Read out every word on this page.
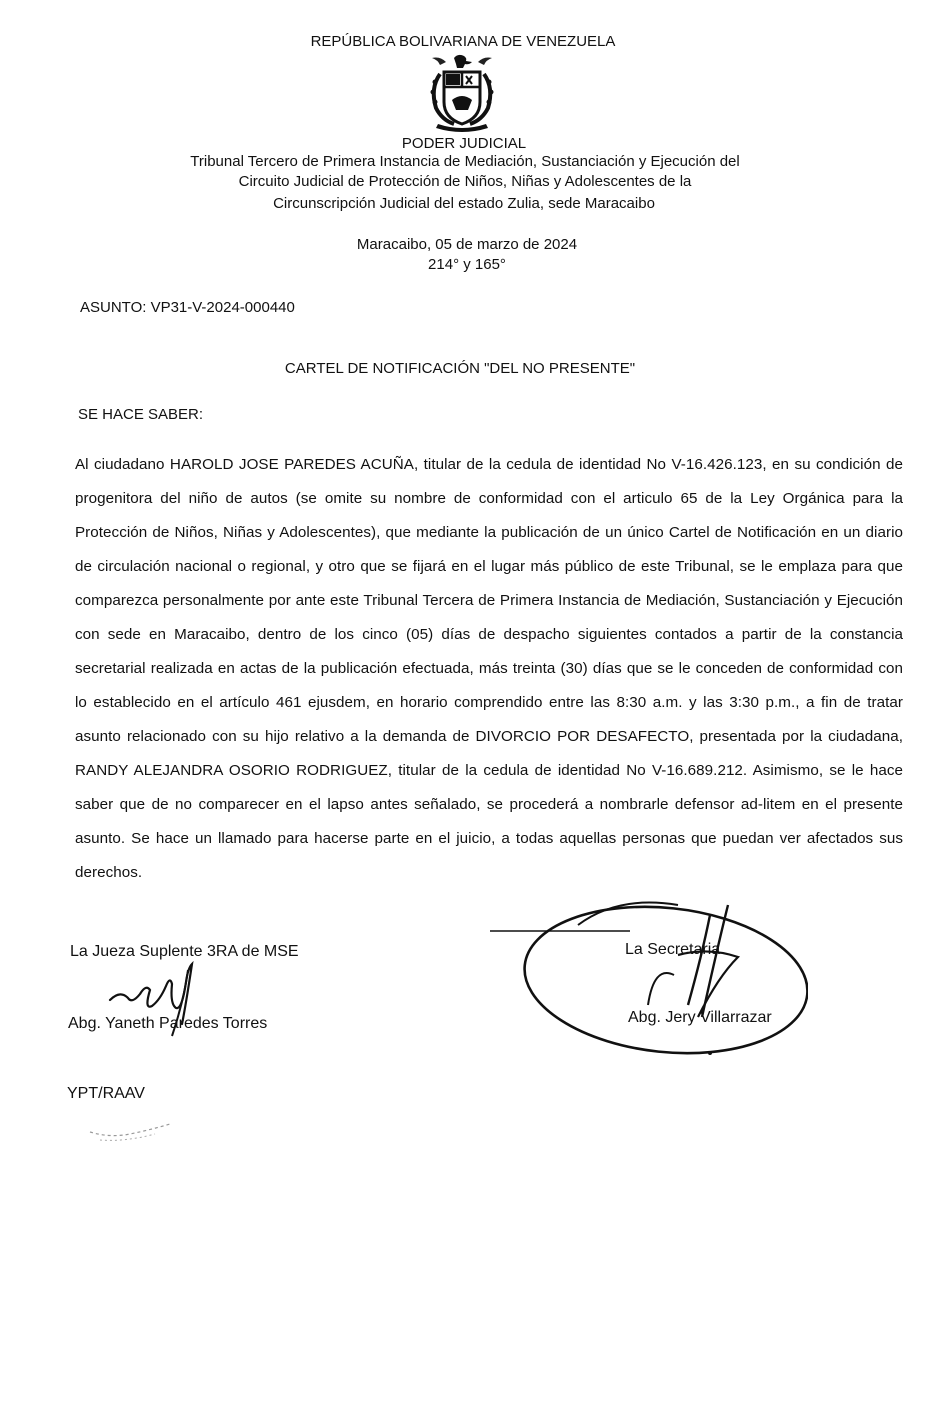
REPÚBLICA BOLIVARIANA DE VENEZUELA
PODER JUDICIAL
Tribunal Tercero de Primera Instancia de Mediación, Sustanciación y Ejecución del
Circuito Judicial de Protección de Niños, Niñas y Adolescentes de la
Circunscripción Judicial del estado Zulia, sede Maracaibo
Maracaibo, 05 de marzo de 2024
214° y 165°
ASUNTO: VP31-V-2024-000440
CARTEL DE NOTIFICACIÓN "DEL NO PRESENTE"
SE HACE SABER:
Al ciudadano HAROLD JOSE PAREDES ACUÑA, titular de la cedula de identidad No V-16.426.123, en su condición de progenitora del niño de autos (se omite su nombre de conformidad con el articulo 65 de la Ley Orgánica para la Protección de Niños, Niñas y Adolescentes), que mediante la publicación de un único Cartel de Notificación en un diario de circulación nacional o regional, y otro que se fijará en el lugar más público de este Tribunal, se le emplaza para que comparezca personalmente por ante este Tribunal Tercera de Primera Instancia de Mediación, Sustanciación y Ejecución con sede en Maracaibo, dentro de los cinco (05) días de despacho siguientes contados a partir de la constancia secretarial realizada en actas de la publicación efectuada, más treinta (30) días que se le conceden de conformidad con lo establecido en el artículo 461 ejusdem, en horario comprendido entre las 8:30 a.m. y las 3:30 p.m., a fin de tratar asunto relacionado con su hijo relativo a la demanda de DIVORCIO POR DESAFECTO, presentada por la ciudadana, RANDY ALEJANDRA OSORIO RODRIGUEZ, titular de la cedula de identidad No V-16.689.212. Asimismo, se le hace saber que de no comparecer en el lapso antes señalado, se procederá a nombrarle defensor ad-litem en el presente asunto. Se hace un llamado para hacerse parte en el juicio, a todas aquellas personas que puedan ver afectados sus derechos.
La Jueza Suplente 3RA de MSE
Abg. Yaneth Paredes Torres
La Secretaria
Abg. Jery Villarrazar
YPT/RAAV
